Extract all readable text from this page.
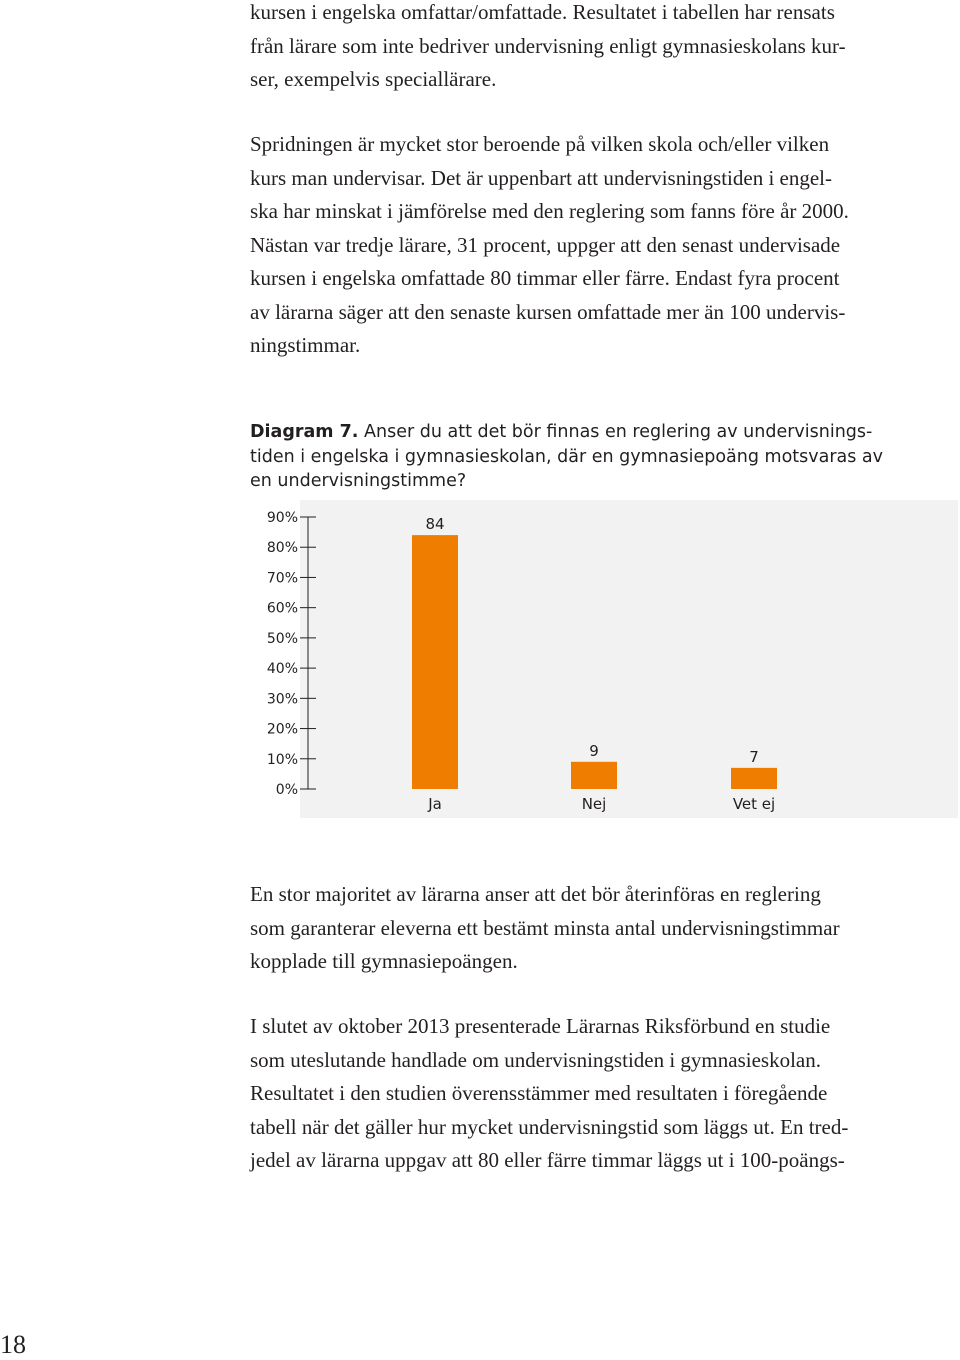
kursen i engelska omfattar/omfattade. Resultatet i tabellen har rensats
från lärare som inte bedriver undervisning enligt gymnasieskolans kur-
ser, exempelvis speciallärare.
Spridningen är mycket stor beroende på vilken skola och/eller vilken
kurs man undervisar. Det är uppenbart att undervisningstiden i engel-
ska har minskat i jämförelse med den reglering som fanns före år 2000.
Nästan var tredje lärare, 31 procent, uppger att den senast undervisade
kursen i engelska omfattade 80 timmar eller färre. Endast fyra procent
av lärarna säger att den senaste kursen omfattade mer än 100 undervis-
ningstimmar.
Diagram 7. Anser du att det bör finnas en reglering av undervisnings-
tiden i engelska i gymnasieskolan, där en gymnasiepoäng motsvaras av
en undervisningstimme?
0%
10%
20%
30%
40%
50%
60%
70%
80%
90%	84
Ja
9
Nej
7
Vet ej
En stor majoritet av lärarna anser att det bör återinföras en reglering
som garanterar eleverna ett bestämt minsta antal undervisningstimmar
kopplade till gymnasiepoängen.
I slutet av oktober 2013 presenterade Lärarnas Riksförbund en studie
som uteslutande handlade om undervisningstiden i gymnasieskolan.
Resultatet i den studien överensstämmer med resultaten i föregående
tabell när det gäller hur mycket undervisningstid som läggs ut. En tred-
jedel av lärarna uppgav att 80 eller färre timmar läggs ut i 100-poängs-
18
